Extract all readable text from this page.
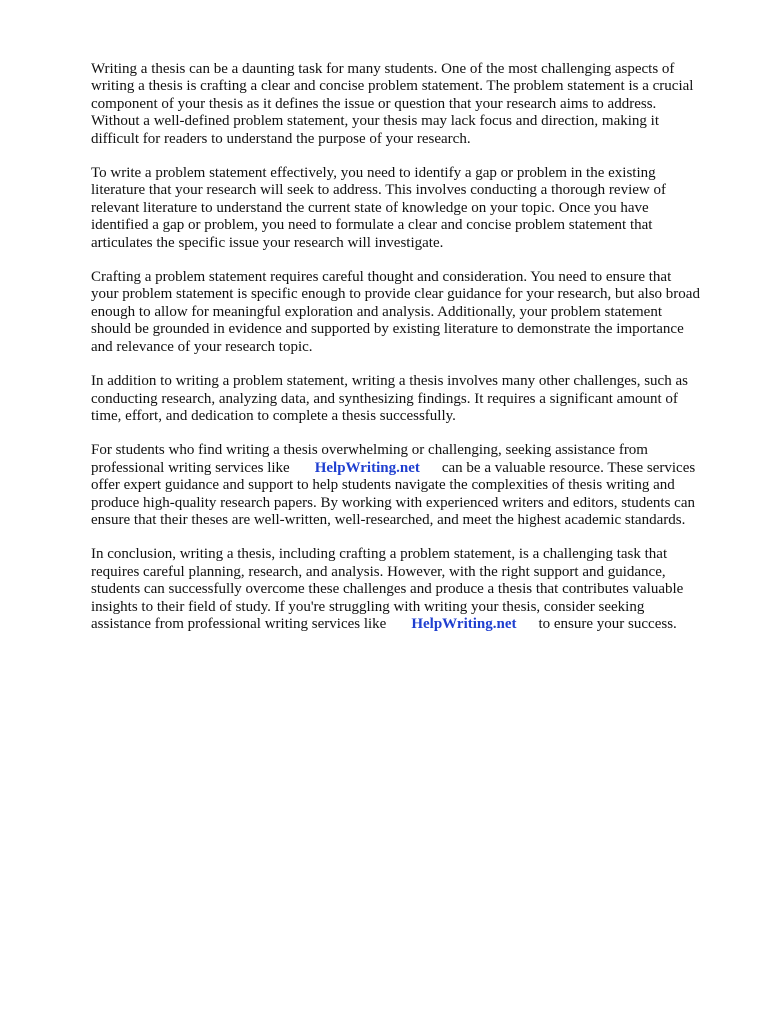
Writing a thesis can be a daunting task for many students. One of the most challenging aspects of
writing a thesis is crafting a clear and concise problem statement. The problem statement is a crucial
component of your thesis as it defines the issue or question that your research aims to address.
Without a well-defined problem statement, your thesis may lack focus and direction, making it
difficult for readers to understand the purpose of your research.
To write a problem statement effectively, you need to identify a gap or problem in the existing
literature that your research will seek to address. This involves conducting a thorough review of
relevant literature to understand the current state of knowledge on your topic. Once you have
identified a gap or problem, you need to formulate a clear and concise problem statement that
articulates the specific issue your research will investigate.
Crafting a problem statement requires careful thought and consideration. You need to ensure that
your problem statement is specific enough to provide clear guidance for your research, but also broad
enough to allow for meaningful exploration and analysis. Additionally, your problem statement
should be grounded in evidence and supported by existing literature to demonstrate the importance
and relevance of your research topic.
In addition to writing a problem statement, writing a thesis involves many other challenges, such as
conducting research, analyzing data, and synthesizing findings. It requires a significant amount of
time, effort, and dedication to complete a thesis successfully.
For students who find writing a thesis overwhelming or challenging, seeking assistance from
professional writing services like HelpWriting.net can be a valuable resource. These services
offer expert guidance and support to help students navigate the complexities of thesis writing and
produce high-quality research papers. By working with experienced writers and editors, students can
ensure that their theses are well-written, well-researched, and meet the highest academic standards.
In conclusion, writing a thesis, including crafting a problem statement, is a challenging task that
requires careful planning, research, and analysis. However, with the right support and guidance,
students can successfully overcome these challenges and produce a thesis that contributes valuable
insights to their field of study. If you're struggling with writing your thesis, consider seeking
assistance from professional writing services like HelpWriting.net to ensure your success.
